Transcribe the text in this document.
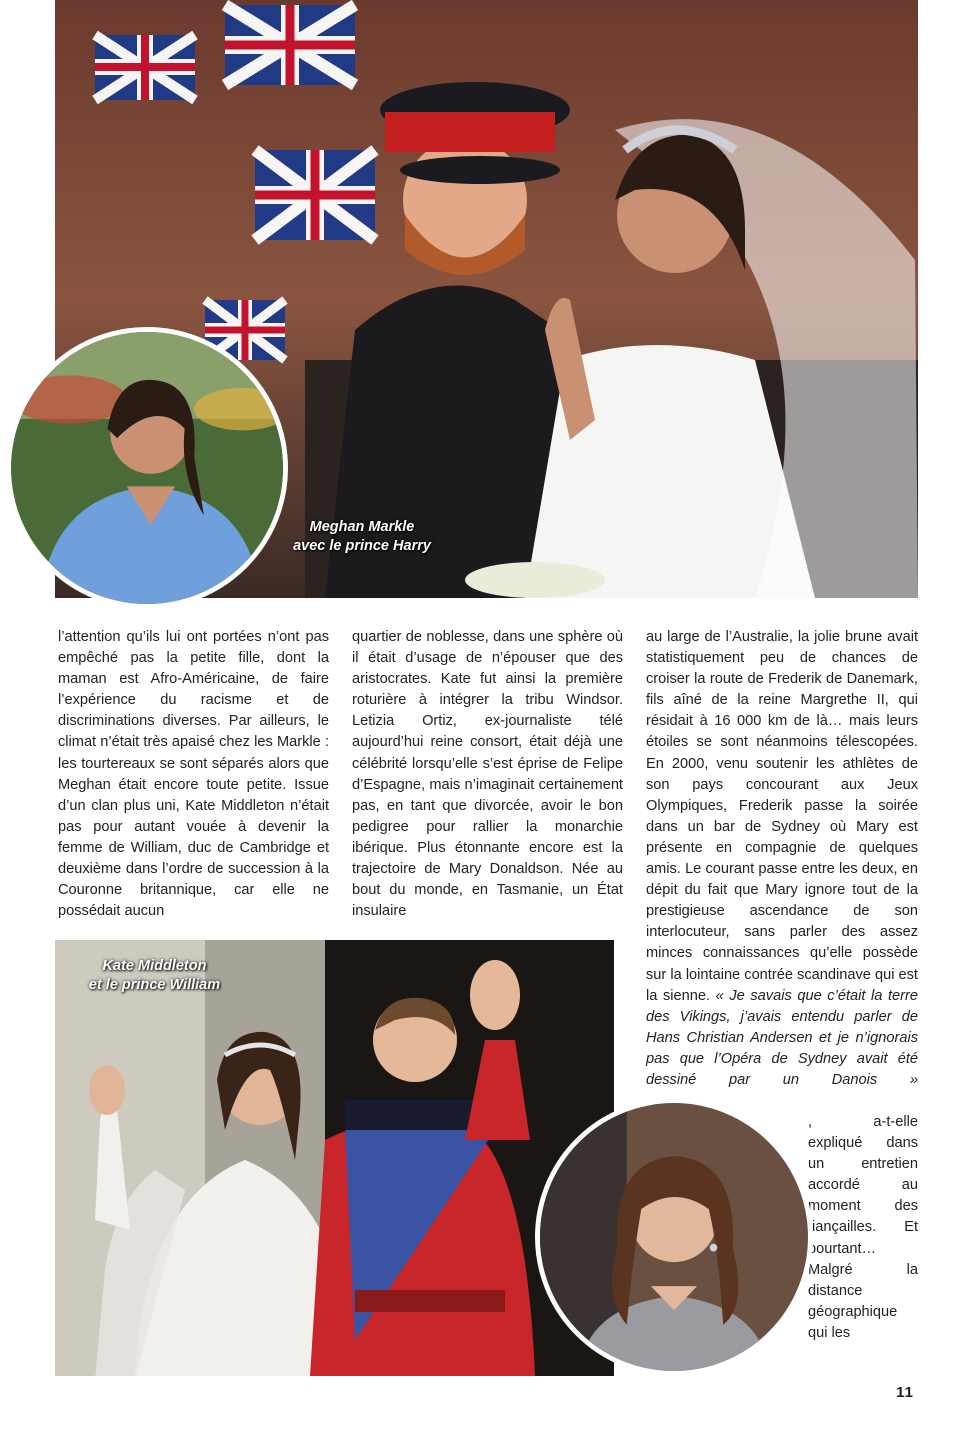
Meghan Markle
avec le prince Harry

l’attention qu’ils lui ont portées n’ont pas empêché pas la petite fille, dont la maman est Afro-Américaine, de faire l’expérience du racisme et de discriminations diverses. Par ailleurs, le climat n’était très apaisé chez les Markle : les tourtereaux se sont séparés alors que Meghan était encore toute petite. Issue d’un clan plus uni, Kate Middleton n’était pas pour autant vouée à devenir la femme de William, duc de Cambridge et deuxième dans l’ordre de succession à la Couronne britannique, car elle ne possédait aucun

quartier de noblesse, dans une sphère où il était d’usage de n’épouser que des aristocrates. Kate fut ainsi la première roturière à intégrer la tribu Windsor. Letizia Ortiz, ex-journaliste télé aujourd’hui reine consort, était déjà une célébrité lorsqu’elle s’est éprise de Felipe d’Espagne, mais n’imaginait certainement pas, en tant que divorcée, avoir le bon pedigree pour rallier la monarchie ibérique. Plus étonnante encore est la trajectoire de Mary Donaldson. Née au bout du monde, en Tasmanie, un État insulaire

au large de l’Australie, la jolie brune avait statistiquement peu de chances de croiser la route de Frederik de Danemark, fils aîné de la reine Margrethe II, qui résidait à 16 000 km de là… mais leurs étoiles se sont néanmoins télescopées. En 2000, venu soutenir les athlètes de son pays concourant aux Jeux Olympiques, Frederik passe la soirée dans un bar de Sydney où Mary est présente en compagnie de quelques amis. Le courant passe entre les deux, en dépit du fait que Mary ignore tout de la prestigieuse ascendance de son interlocuteur, sans parler des assez minces connaissances qu’elle possède sur la lointaine contrée scandinave qui est la sienne. « Je savais que c’était la terre des Vikings, j’avais entendu parler de Hans Christian Andersen et je n’ignorais pas que l’Opéra de Sydney avait été dessiné par un Danois »

, a-t-elle expliqué dans un entretien accordé au moment des fiançailles. Et pourtant… Malgré la distance géographique qui les

Kate Middleton
et le prince William
11
